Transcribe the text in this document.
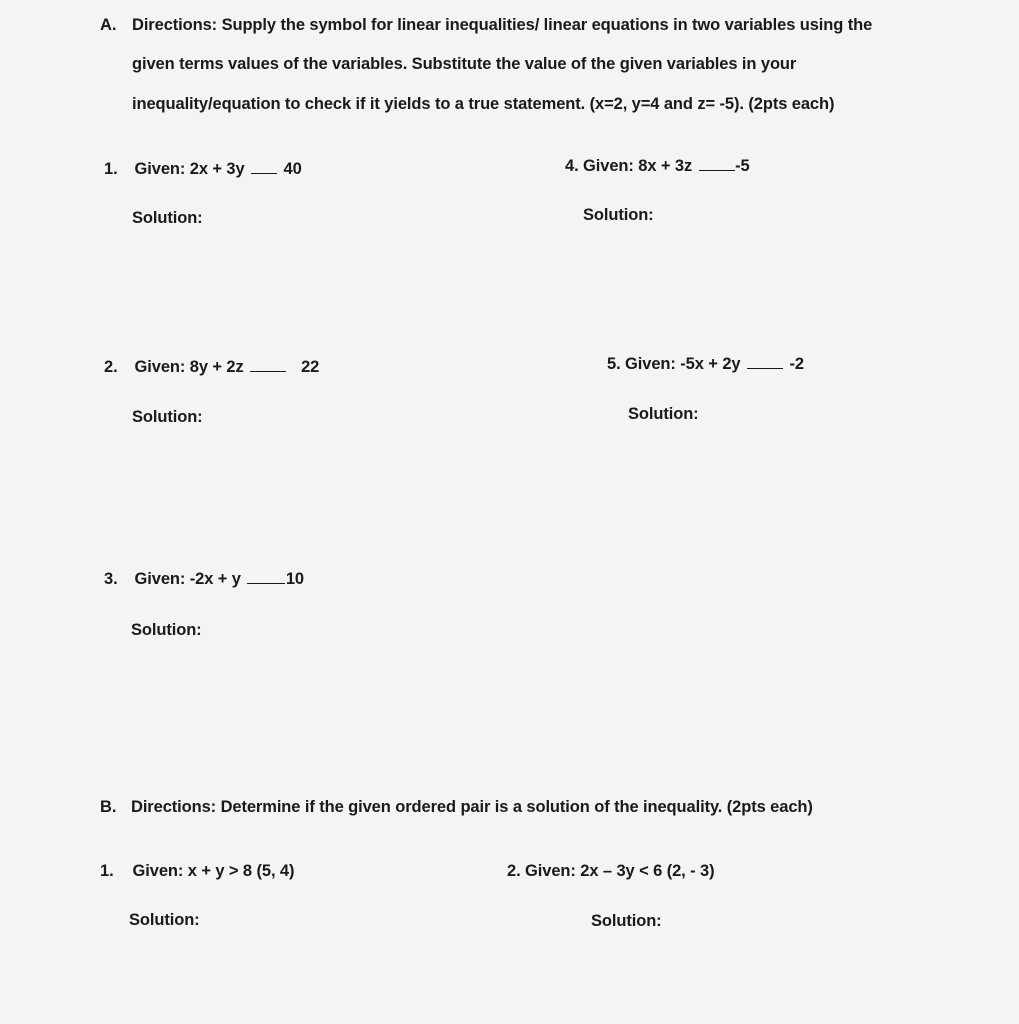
A. Directions: Supply the symbol for linear inequalities/ linear equations in two variables using the
given terms values of the variables. Substitute the value of the given variables in your
inequality/equation to check if it yields to a true statement. (x=2, y=4 and z= -5). (2pts each)
1. Given: 2x + 3y 40
Solution:
4. Given: 8x + 3z	-5
Solution:
2. Given: 8y + 2z	22
Solution:
5. Given: -5x + 2y	-2
Solution:
3. Given: -2x + y	10
Solution:
B. Directions: Determine if the given ordered pair is a solution of the inequality. (2pts each)
1. Given: x + y > 8 (5, 4)
Solution:
2. Given: 2x – 3y < 6 (2, - 3)
Solution:
